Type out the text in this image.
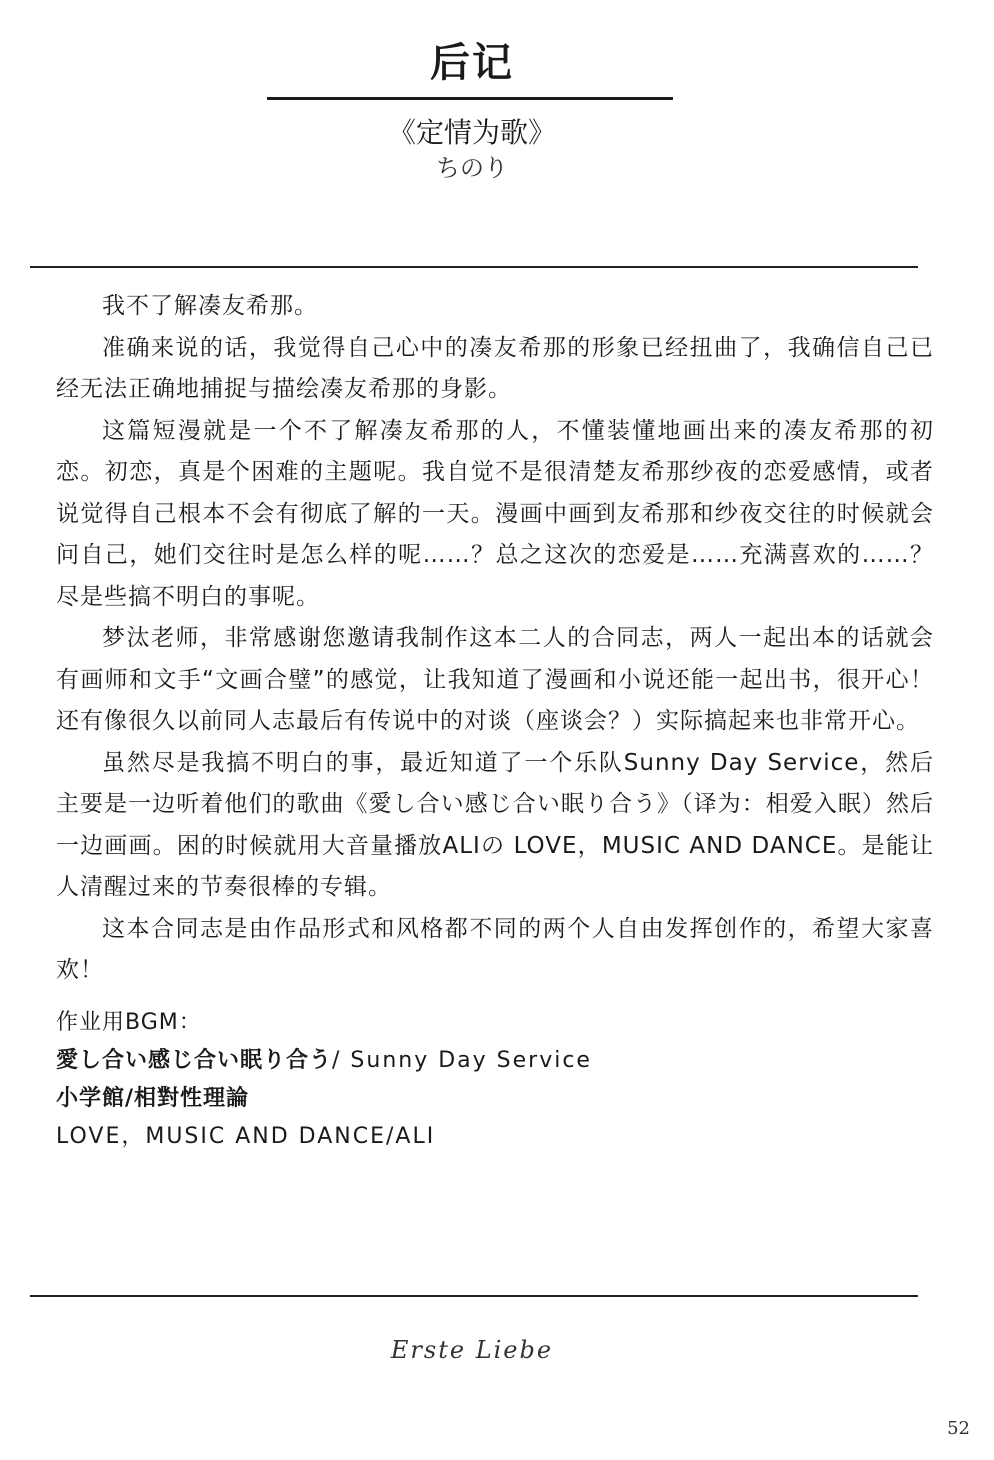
后记
《定情为歌》
ちのり

我不了解凑友希那。

准确来说的话，我觉得自己心中的凑友希那的形象已经扭曲了，我确信自己已经无法正确地捕捉与描绘凑友希那的身影。

这篇短漫就是一个不了解凑友希那的人，不懂装懂地画出来的凑友希那的初恋。初恋，真是个困难的主题呢。我自觉不是很清楚友希那纱夜的恋爱感情，或者说觉得自己根本不会有彻底了解的一天。漫画中画到友希那和纱夜交往的时候就会问自己，她们交往时是怎么样的呢……？总之这次的恋爱是……充满喜欢的……？尽是些搞不明白的事呢。

梦汰老师，非常感谢您邀请我制作这本二人的合同志，两人一起出本的话就会有画师和文手“文画合璧”的感觉，让我知道了漫画和小说还能一起出书，很开心！还有像很久以前同人志最后有传说中的对谈（座谈会？）实际搞起来也非常开心。

虽然尽是我搞不明白的事，最近知道了一个乐队Sunny Day Service，然后主要是一边听着他们的歌曲《愛し合い感じ合い眠り合う》（译为：相爱入眠）然后一边画画。困的时候就用大音量播放ALIの LOVE，MUSIC AND DANCE。是能让人清醒过来的节奏很棒的专辑。

这本合同志是由作品形式和风格都不同的两个人自由发挥创作的，希望大家喜欢！

作业用BGM：
愛し合い感じ合い眠り合う/ Sunny Day Service
小学館/相對性理論
LOVE，MUSIC AND DANCE/ALI
Erste Liebe
52
